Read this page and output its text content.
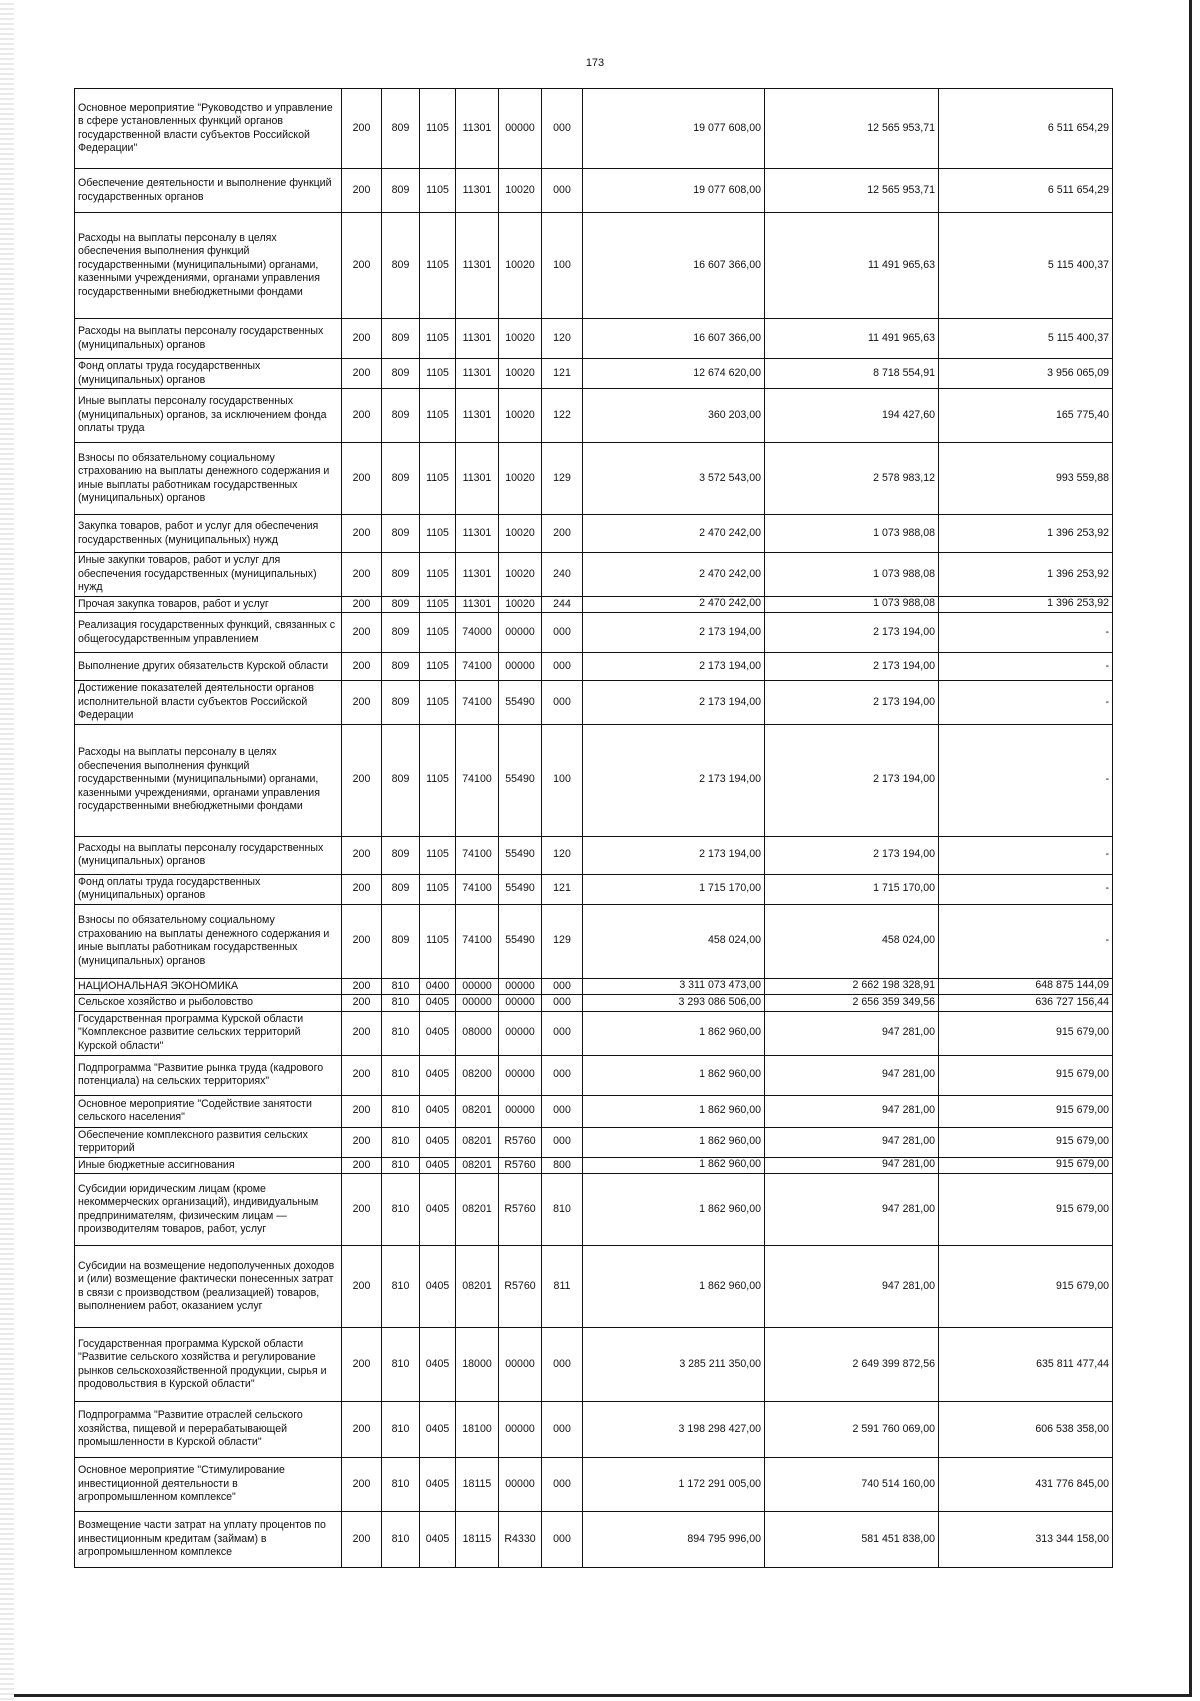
173
Основное мероприятие "Руководство и управление в сфере установленных функций органов государственной власти субъектов Российской Федерации"	200	809	1105	11301	00000	000	19 077 608,00	12 565 953,71	6 511 654,29
Обеспечение деятельности и выполнение функций государственных органов	200	809	1105	11301	10020	000	19 077 608,00	12 565 953,71	6 511 654,29
Расходы на выплаты персоналу в целях обеспечения выполнения функций государственными (муниципальными) органами, казенными учреждениями, органами управления государственными внебюджетными фондами	200	809	1105	11301	10020	100	16 607 366,00	11 491 965,63	5 115 400,37
Расходы на выплаты персоналу государственных (муниципальных) органов	200	809	1105	11301	10020	120	16 607 366,00	11 491 965,63	5 115 400,37
Фонд оплаты труда государственных (муниципальных) органов	200	809	1105	11301	10020	121	12 674 620,00	8 718 554,91	3 956 065,09
Иные выплаты персоналу государственных (муниципальных) органов, за исключением фонда оплаты труда	200	809	1105	11301	10020	122	360 203,00	194 427,60	165 775,40
Взносы по обязательному социальному страхованию на выплаты денежного содержания и иные выплаты работникам государственных (муниципальных) органов	200	809	1105	11301	10020	129	3 572 543,00	2 578 983,12	993 559,88
Закупка товаров, работ и услуг для обеспечения государственных (муниципальных) нужд	200	809	1105	11301	10020	200	2 470 242,00	1 073 988,08	1 396 253,92
Иные закупки товаров, работ и услуг для обеспечения государственных (муниципальных) нужд	200	809	1105	11301	10020	240	2 470 242,00	1 073 988,08	1 396 253,92
Прочая закупка товаров, работ и услуг	200	809	1105	11301	10020	244	2 470 242,00	1 073 988,08	1 396 253,92
Реализация государственных функций, связанных с общегосударственным управлением	200	809	1105	74000	00000	000	2 173 194,00	2 173 194,00	-
Выполнение других обязательств Курской области	200	809	1105	74100	00000	000	2 173 194,00	2 173 194,00	-
Достижение показателей деятельности органов исполнительной власти субъектов Российской Федерации	200	809	1105	74100	55490	000	2 173 194,00	2 173 194,00	-
Расходы на выплаты персоналу в целях обеспечения выполнения функций государственными (муниципальными) органами, казенными учреждениями, органами управления государственными внебюджетными фондами	200	809	1105	74100	55490	100	2 173 194,00	2 173 194,00	-
Расходы на выплаты персоналу государственных (муниципальных) органов	200	809	1105	74100	55490	120	2 173 194,00	2 173 194,00	-
Фонд оплаты труда государственных (муниципальных) органов	200	809	1105	74100	55490	121	1 715 170,00	1 715 170,00	-
Взносы по обязательному социальному страхованию на выплаты денежного содержания и иные выплаты работникам государственных (муниципальных) органов	200	809	1105	74100	55490	129	458 024,00	458 024,00	-
НАЦИОНАЛЬНАЯ ЭКОНОМИКА	200	810	0400	00000	00000	000	3 311 073 473,00	2 662 198 328,91	648 875 144,09
Сельское хозяйство и рыболовство	200	810	0405	00000	00000	000	3 293 086 506,00	2 656 359 349,56	636 727 156,44
Государственная программа Курской области "Комплексное развитие сельских территорий Курской области"	200	810	0405	08000	00000	000	1 862 960,00	947 281,00	915 679,00
Подпрограмма "Развитие рынка труда (кадрового потенциала) на сельских территориях"	200	810	0405	08200	00000	000	1 862 960,00	947 281,00	915 679,00
Основное мероприятие "Содействие занятости сельского населения"	200	810	0405	08201	00000	000	1 862 960,00	947 281,00	915 679,00
Обеспечение комплексного развития сельских территорий	200	810	0405	08201	R5760	000	1 862 960,00	947 281,00	915 679,00
Иные бюджетные ассигнования	200	810	0405	08201	R5760	800	1 862 960,00	947 281,00	915 679,00
Субсидии юридическим лицам (кроме некоммерческих организаций), индивидуальным предпринимателям, физическим лицам — производителям товаров, работ, услуг	200	810	0405	08201	R5760	810	1 862 960,00	947 281,00	915 679,00
Субсидии на возмещение недополученных доходов и (или) возмещение фактически понесенных затрат в связи с производством (реализацией) товаров, выполнением работ, оказанием услуг	200	810	0405	08201	R5760	811	1 862 960,00	947 281,00	915 679,00
Государственная программа Курской области "Развитие сельского хозяйства и регулирование рынков сельскохозяйственной продукции, сырья и продовольствия в Курской области"	200	810	0405	18000	00000	000	3 285 211 350,00	2 649 399 872,56	635 811 477,44
Подпрограмма "Развитие отраслей сельского хозяйства, пищевой и перерабатывающей промышленности в Курской области"	200	810	0405	18100	00000	000	3 198 298 427,00	2 591 760 069,00	606 538 358,00
Основное мероприятие "Стимулирование инвестиционной деятельности в агропромышленном комплексе"	200	810	0405	18115	00000	000	1 172 291 005,00	740 514 160,00	431 776 845,00
Возмещение части затрат на уплату процентов по инвестиционным кредитам (займам) в агропромышленном комплексе	200	810	0405	18115	R4330	000	894 795 996,00	581 451 838,00	313 344 158,00
